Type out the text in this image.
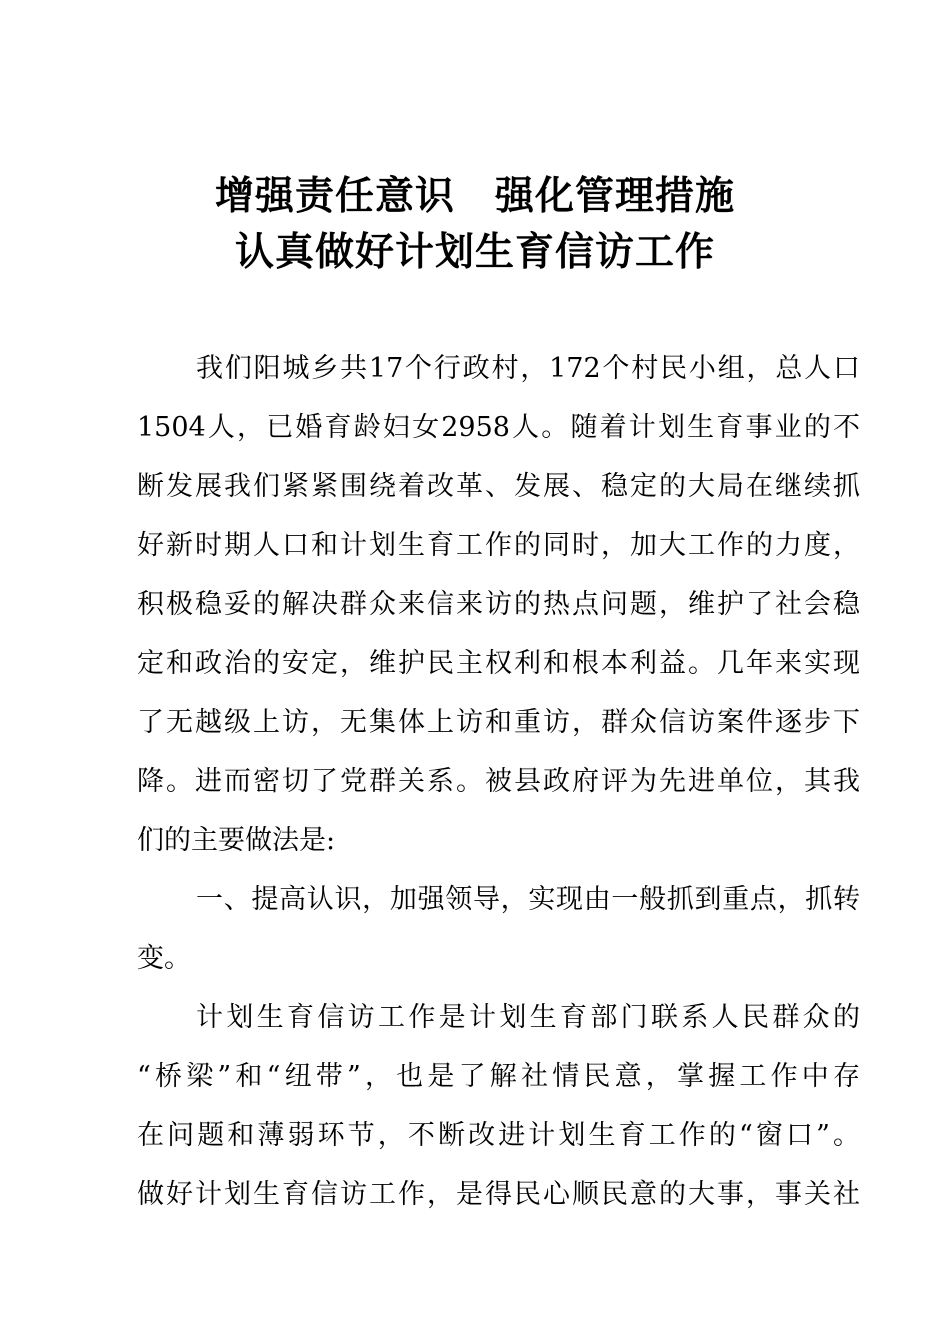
增强责任意识　强化管理措施
认真做好计划生育信访工作
我们阳城乡共17个行政村，172个村民小组，总人口
1504人，已婚育龄妇女2958人。随着计划生育事业的不
断发展我们紧紧围绕着改革、发展、稳定的大局在继续抓
好新时期人口和计划生育工作的同时，加大工作的力度，
积极稳妥的解决群众来信来访的热点问题，维护了社会稳
定和政治的安定，维护民主权利和根本利益。几年来实现
了无越级上访，无集体上访和重访，群众信访案件逐步下
降。进而密切了党群关系。被县政府评为先进单位，其我
们的主要做法是:
一、提高认识，加强领导，实现由一般抓到重点，抓转
变。
计划生育信访工作是计划生育部门联系人民群众的
“桥梁”和“纽带”，也是了解社情民意，掌握工作中存
在问题和薄弱环节，不断改进计划生育工作的“窗口”。
做好计划生育信访工作，是得民心顺民意的大事，事关社
